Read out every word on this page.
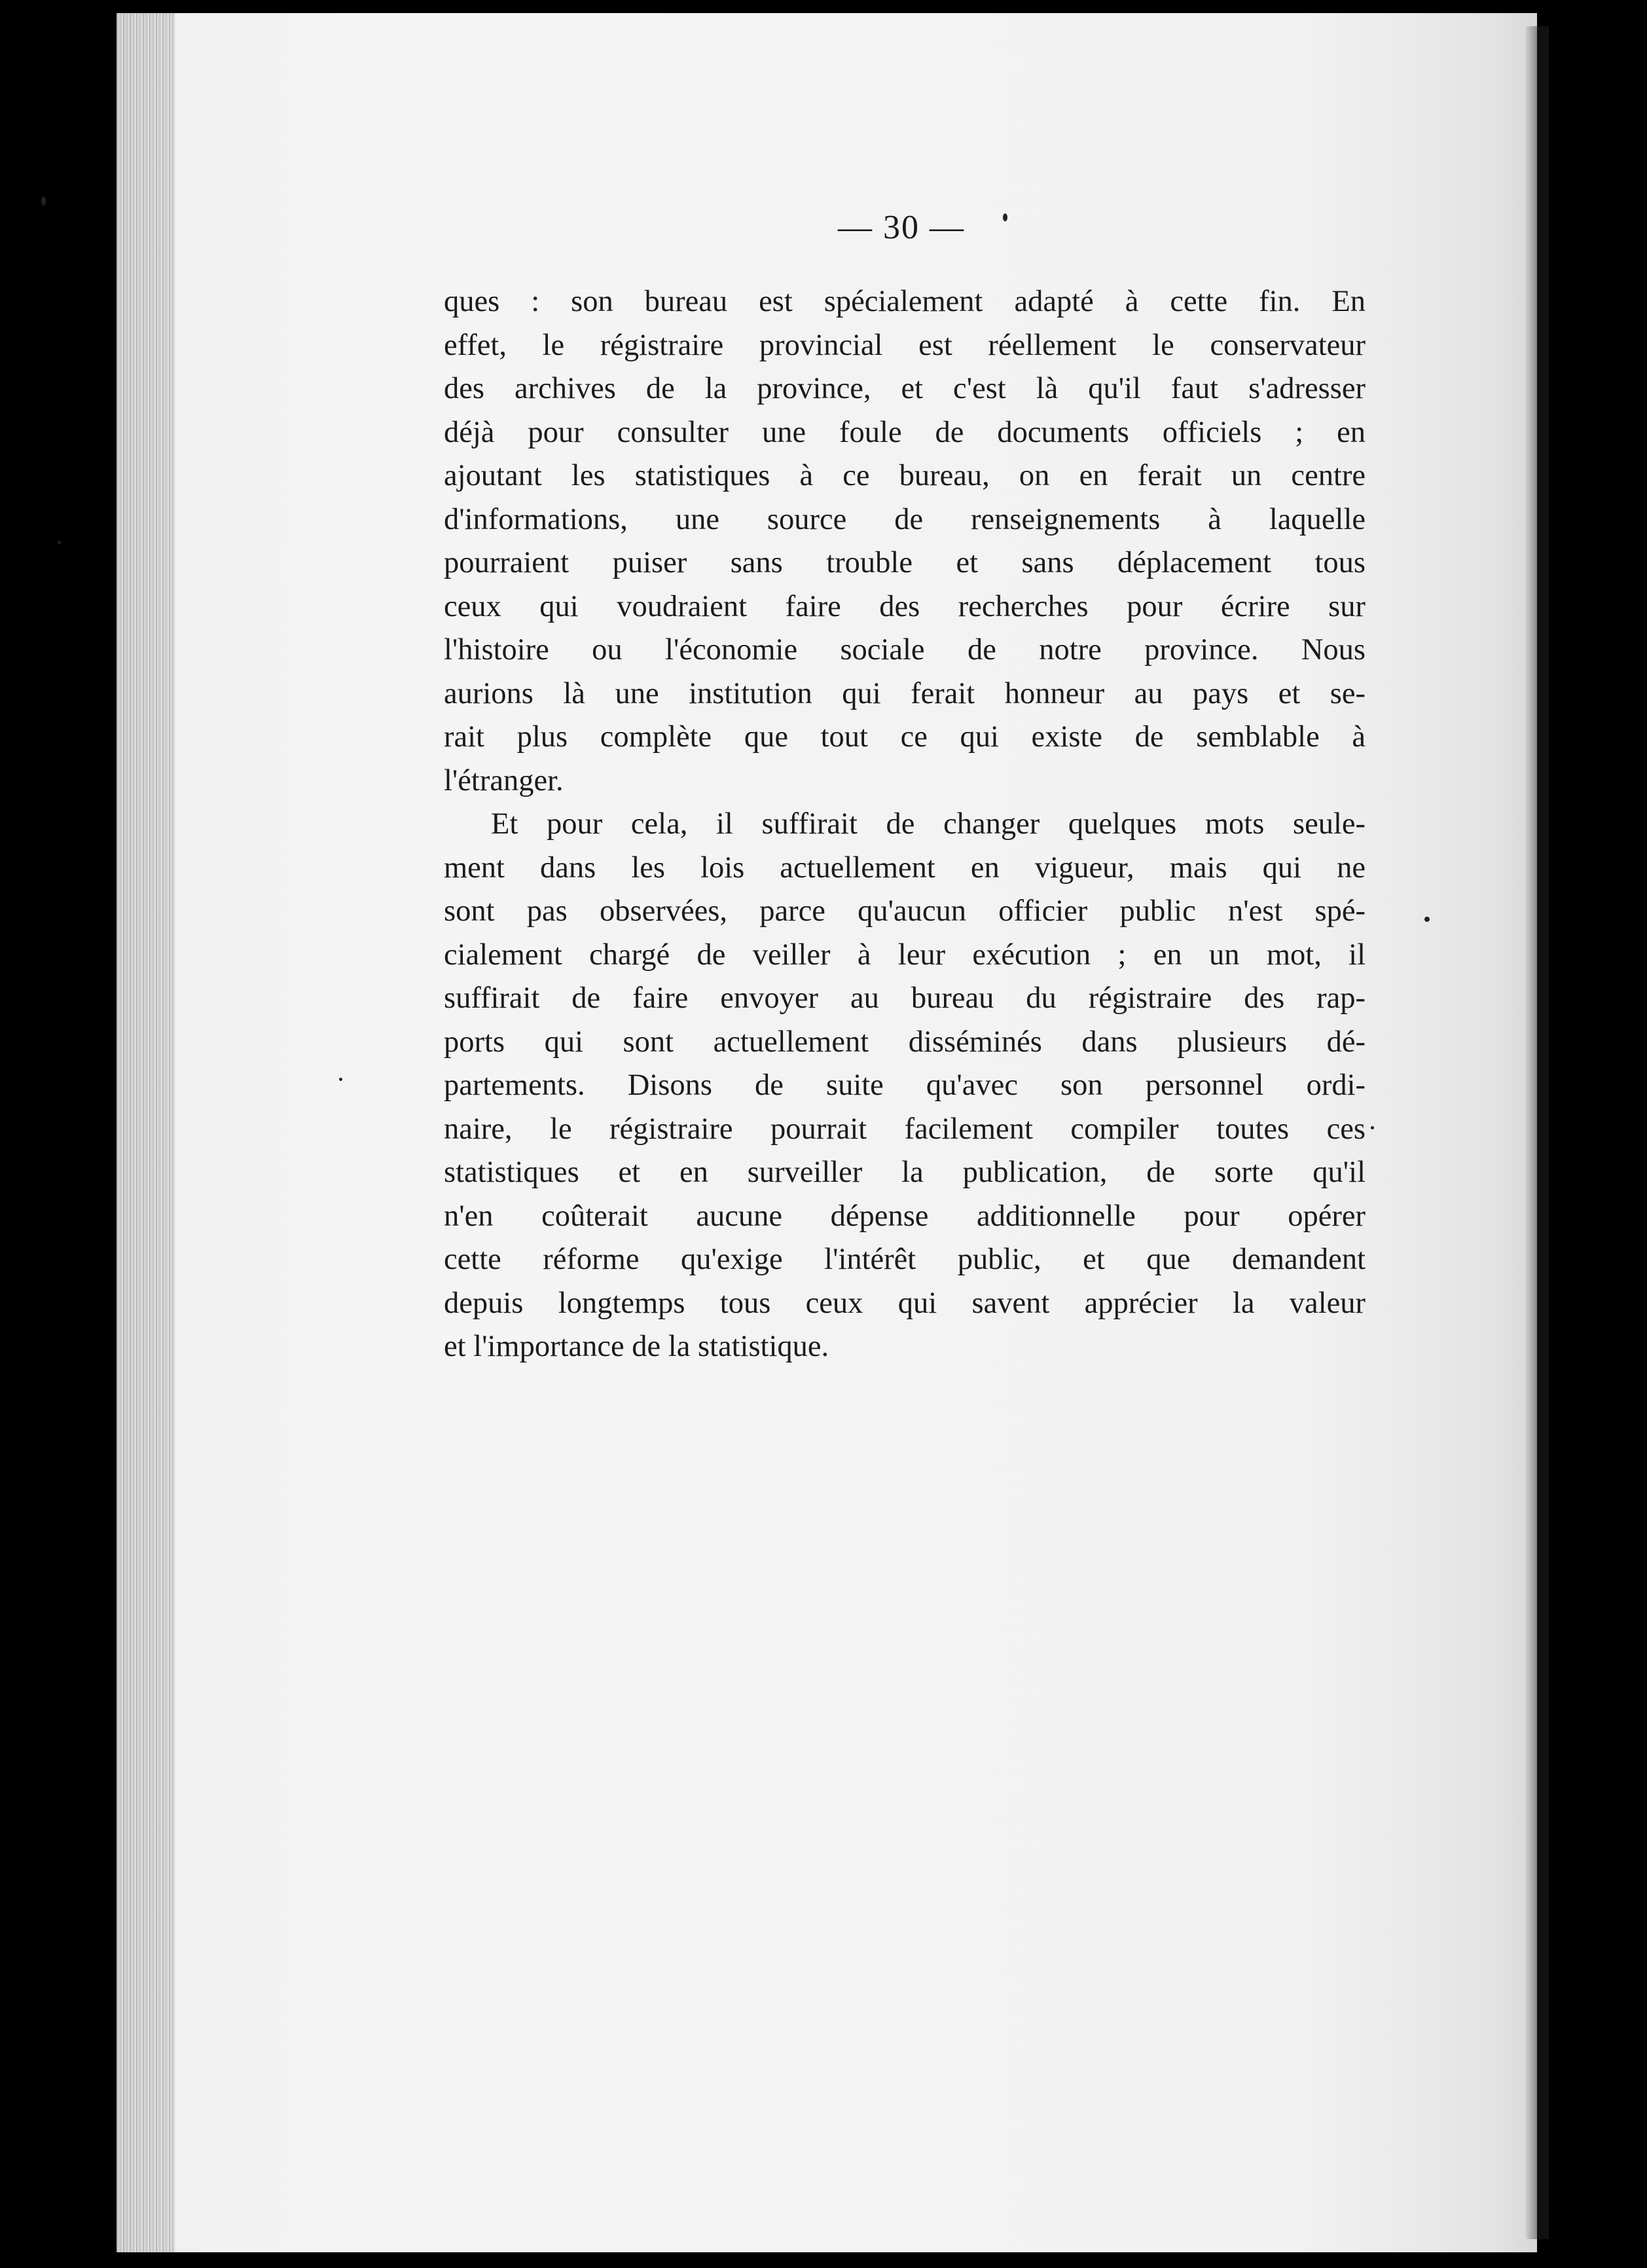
— 30 —
ques : son bureau est spécialement adapté à cette fin. En
effet, le régistraire provincial est réellement le conservateur
des archives de la province, et c'est là qu'il faut s'adresser
déjà pour consulter une foule de documents officiels ; en
ajoutant les statistiques à ce bureau, on en ferait un centre
d'informations, une source de renseignements à laquelle
pourraient puiser sans trouble et sans déplacement tous
ceux qui voudraient faire des recherches pour écrire sur
l'histoire ou l'économie sociale de notre province. Nous
aurions là une institution qui ferait honneur au pays et se-
rait plus complète que tout ce qui existe de semblable à
l'étranger.
Et pour cela, il suffirait de changer quelques mots seule-
ment dans les lois actuellement en vigueur, mais qui ne
sont pas observées, parce qu'aucun officier public n'est spé-
cialement chargé de veiller à leur exécution ; en un mot, il
suffirait de faire envoyer au bureau du régistraire des rap-
ports qui sont actuellement disséminés dans plusieurs dé-
partements. Disons de suite qu'avec son personnel ordi-
naire, le régistraire pourrait facilement compiler toutes ces
statistiques et en surveiller la publication, de sorte qu'il
n'en coûterait aucune dépense additionnelle pour opérer
cette réforme qu'exige l'intérêt public, et que demandent
depuis longtemps tous ceux qui savent apprécier la valeur
et l'importance de la statistique.
